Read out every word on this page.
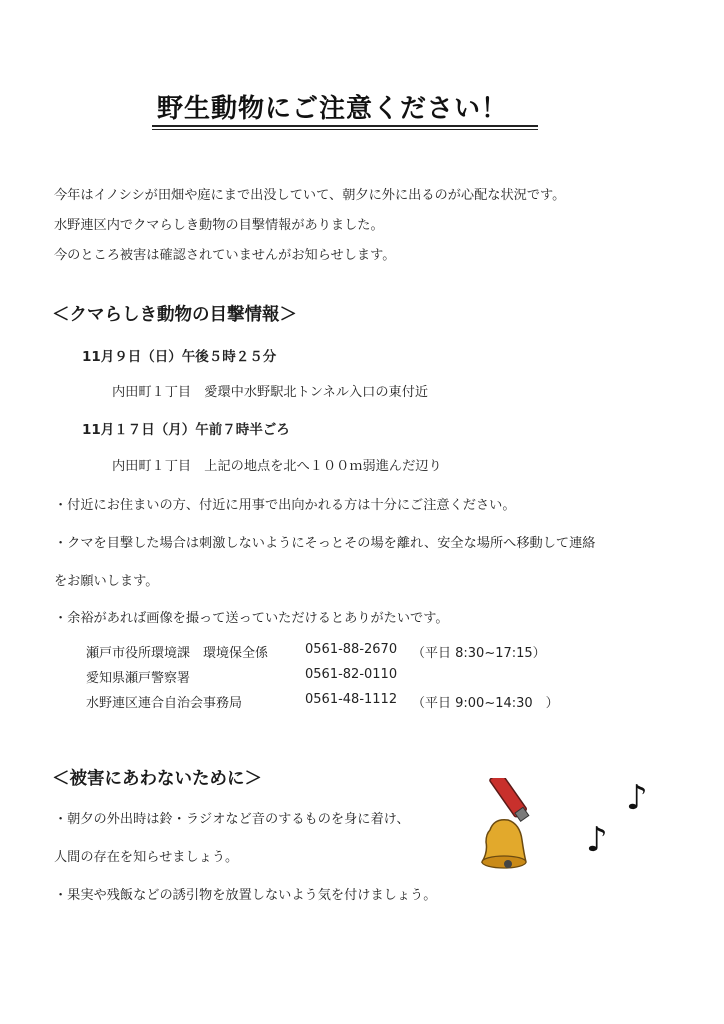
野生動物にご注意ください！
今年はイノシシが田畑や庭にまで出没していて、朝夕に外に出るのが心配な状況です。
水野連区内でクマらしき動物の目撃情報がありました。
今のところ被害は確認されていませんがお知らせします。
＜クマらしき動物の目撃情報＞
11月９日（日）午後５時２５分
内田町１丁目　愛環中水野駅北トンネル入口の東付近
11月１７日（月）午前７時半ごろ
内田町１丁目　上記の地点を北へ１００ｍ弱進んだ辺り
・付近にお住まいの方、付近に用事で出向かれる方は十分にご注意ください。
・クマを目撃した場合は刺激しないようにそっとその場を離れ、安全な場所へ移動して連絡
をお願いします。
・余裕があれば画像を撮って送っていただけるとありがたいです。
瀬戸市役所環境課　環境保全係	0561-88-2670 （平日 8:30~17:15）
愛知県瀬戸警察署	0561-82-0110
水野連区連合自治会事務局	0561-48-1112 （平日 9:00~14:30　）
＜被害にあわないために＞
・朝夕の外出時は鈴・ラジオなど音のするものを身に着け、
人間の存在を知らせましょう。
・果実や残飯などの誘引物を放置しないよう気を付けましょう。
♪
♪
